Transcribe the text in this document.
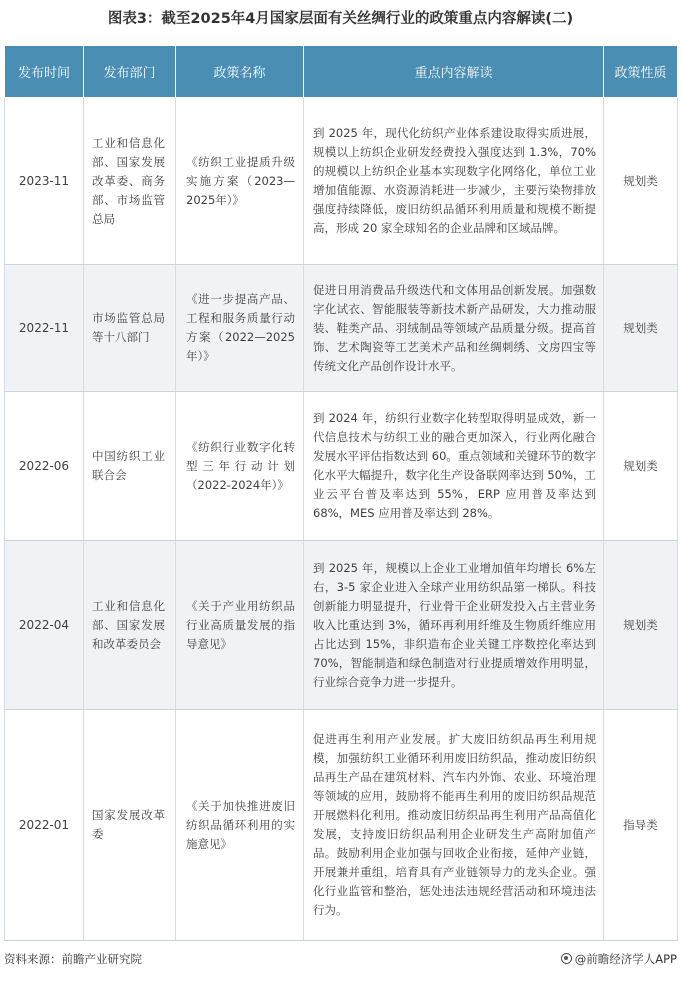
图表3：截至2025年4月国家层面有关丝绸行业的政策重点内容解读(二)
发布时间	发布部门	政策名称	重点内容解读	政策性质
2023-11	工业和信息化部、国家发展改革委、商务部、市场监管总局	《纺织工业提质升级实施方案（2023—2025年）》	到 2025 年，现代化纺织产业体系建设取得实质进展，规模以上纺织企业研发经费投入强度达到 1.3%，70%的规模以上纺织企业基本实现数字化网络化，单位工业增加值能源、水资源消耗进一步减少，主要污染物排放强度持续降低，废旧纺织品循环利用质量和规模不断提高，形成 20 家全球知名的企业品牌和区域品牌。	规划类
2022-11	市场监管总局等十八部门	《进一步提高产品、工程和服务质量行动方案（2022—2025年）》	促进日用消费品升级迭代和文体用品创新发展。加强数字化试衣、智能服装等新技术新产品研发，大力推动服装、鞋类产品、羽绒制品等领域产品质量分级。提高首饰、艺术陶瓷等工艺美术产品和丝绸刺绣、文房四宝等传统文化产品创作设计水平。	规划类
2022-06	中国纺织工业联合会	《纺织行业数字化转型三年行动计划（2022-2024年）》	到 2024 年，纺织行业数字化转型取得明显成效，新一代信息技术与纺织工业的融合更加深入，行业两化融合发展水平评估指数达到 60。重点领域和关键环节的数字化水平大幅提升，数字化生产设备联网率达到 50%，工业云平台普及率达到 55%，ERP 应用普及率达到 68%，MES 应用普及率达到 28%。	规划类
2022-04	工业和信息化部、国家发展和改革委员会	《关于产业用纺织品行业高质量发展的指导意见》	到 2025 年，规模以上企业工业增加值年均增长 6%左右，3-5 家企业进入全球产业用纺织品第一梯队。科技创新能力明显提升，行业骨干企业研发投入占主营业务收入比重达到 3%，循环再利用纤维及生物质纤维应用占比达到 15%，非织造布企业关键工序数控化率达到 70%，智能制造和绿色制造对行业提质增效作用明显，行业综合竞争力进一步提升。	规划类
2022-01	国家发展改革委	《关于加快推进废旧纺织品循环利用的实施意见》	促进再生利用产业发展。扩大废旧纺织品再生利用规模，加强纺织工业循环利用废旧纺织品，推动废旧纺织品再生产品在建筑材料、汽车内外饰、农业、环境治理等领域的应用，鼓励将不能再生利用的废旧纺织品规范开展燃料化利用。推动废旧纺织品再生利用产品高值化发展，支持废旧纺织品利用企业研发生产高附加值产品。鼓励利用企业加强与回收企业衔接，延伸产业链，开展兼并重组，培育具有产业链领导力的龙头企业。强化行业监管和整治，惩处违法违规经营活动和环境违法行为。	指导类
资料来源：前瞻产业研究院	@前瞻经济学人APP
